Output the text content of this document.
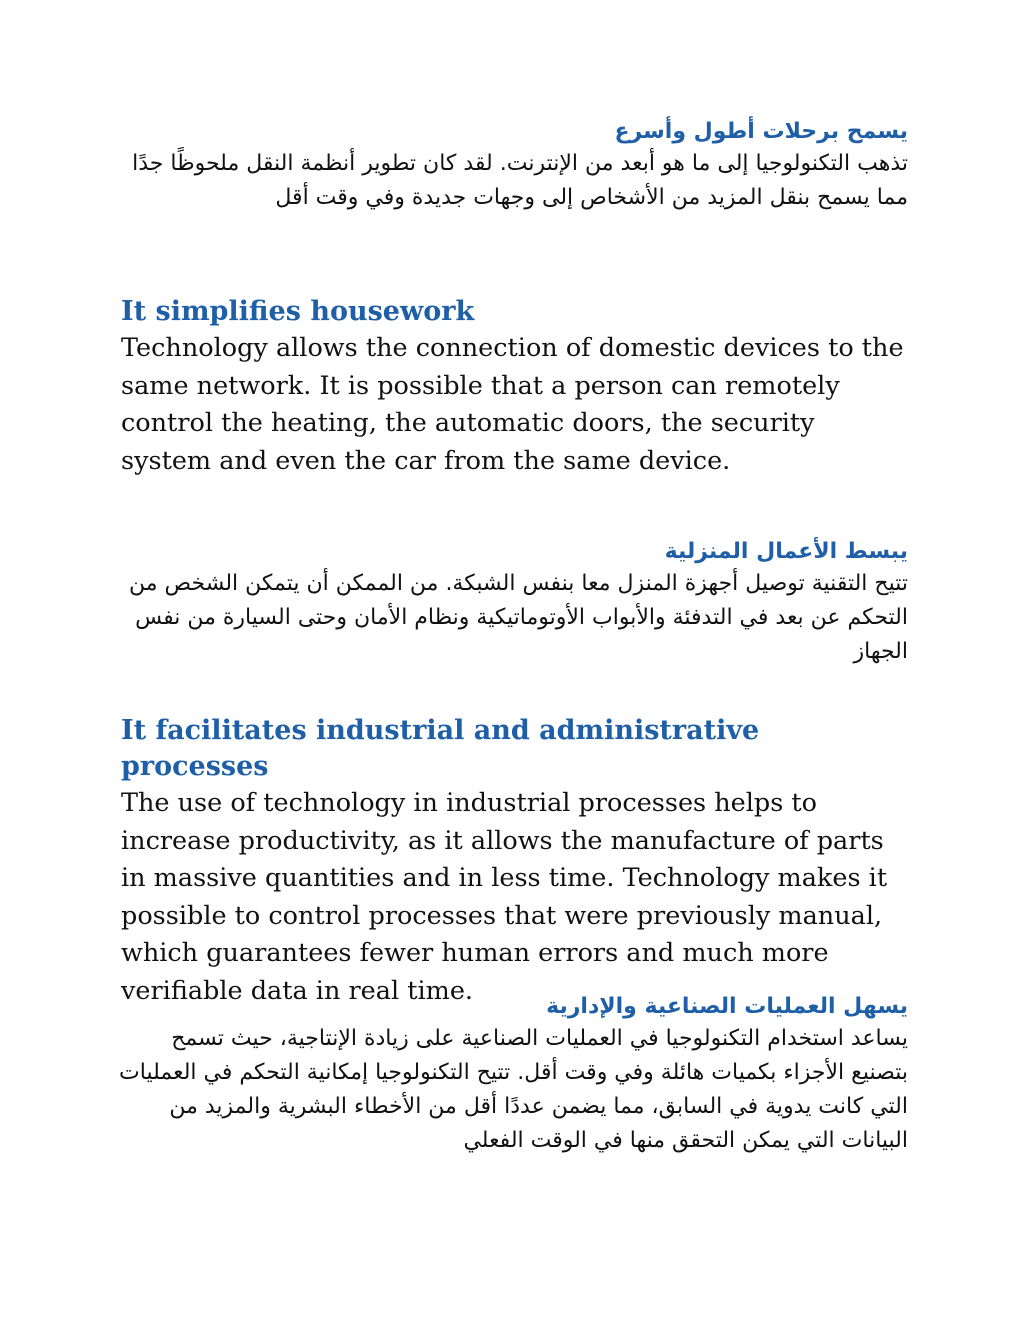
يسمح برحلات أطول وأسرع

تذهب التكنولوجيا إلى ما هو أبعد من الإنترنت. لقد كان تطوير أنظمة النقل ملحوظًا جدًا مما يسمح بنقل المزيد من الأشخاص إلى وجهات جديدة وفي وقت أقل

It simplifies housework

Technology allows the connection of domestic devices to the same network. It is possible that a person can remotely control the heating, the automatic doors, the security system and even the car from the same device.

يبسط الأعمال المنزلية

تتيح التقنية توصيل أجهزة المنزل معا بنفس الشبكة. من الممكن أن يتمكن الشخص من التحكم عن بعد في التدفئة والأبواب الأوتوماتيكية ونظام الأمان وحتى السيارة من نفس الجهاز

It facilitates industrial and administrative processes

The use of technology in industrial processes helps to increase productivity, as it allows the manufacture of parts in massive quantities and in less time. Technology makes it possible to control processes that were previously manual, which guarantees fewer human errors and much more verifiable data in real time.

يسهل العمليات الصناعية والإدارية

يساعد استخدام التكنولوجيا في العمليات الصناعية على زيادة الإنتاجية، حيث تسمح بتصنيع الأجزاء بكميات هائلة وفي وقت أقل. تتيح التكنولوجيا إمكانية التحكم في العمليات التي كانت يدوية في السابق، مما يضمن عددًا أقل من الأخطاء البشرية والمزيد من البيانات التي يمكن التحقق منها في الوقت الفعلي
